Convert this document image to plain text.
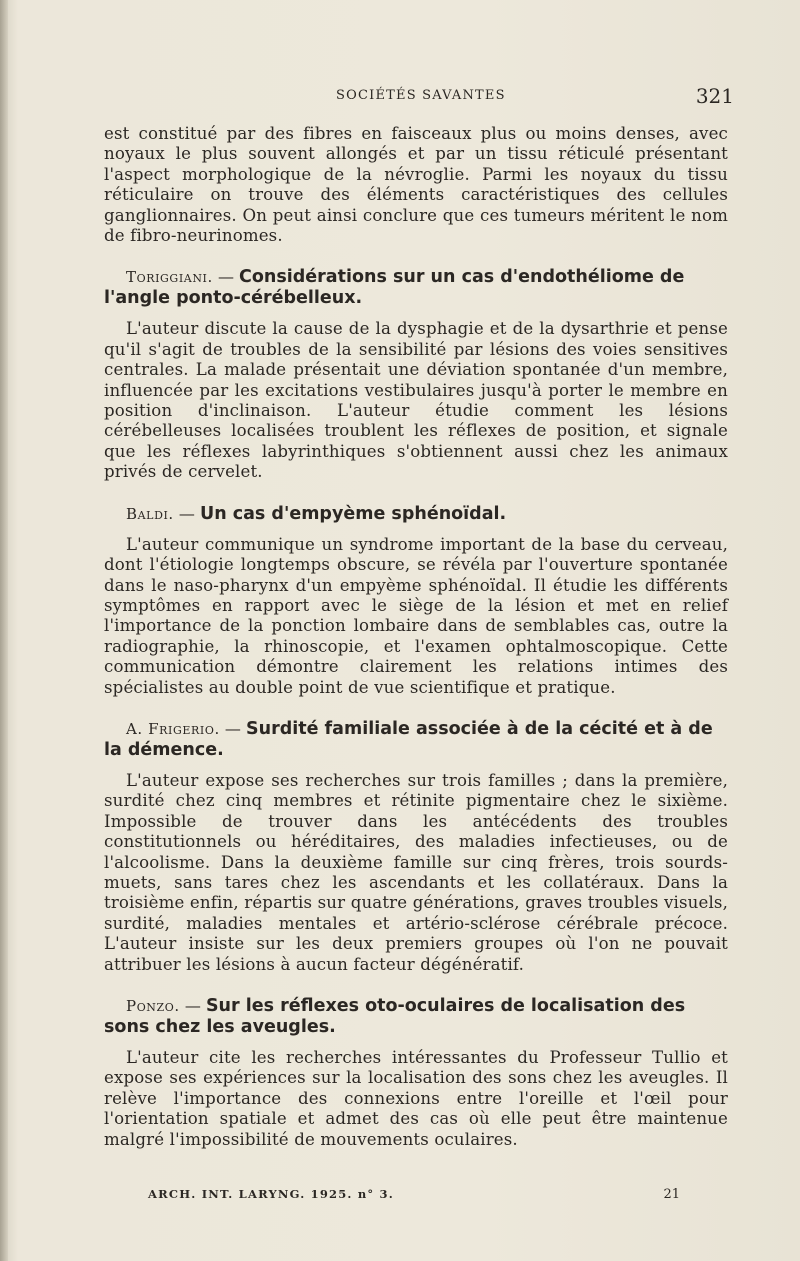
SOCIÉTÉS SAVANTES	321

est constitué par des fibres en faisceaux plus ou moins denses, avec noyaux le plus souvent allongés et par un tissu réticulé présentant l'aspect morphologique de la névroglie. Parmi les noyaux du tissu réticulaire on trouve des éléments caractéristiques des cellules ganglionnaires. On peut ainsi conclure que ces tumeurs méritent le nom de fibro-neurinomes.

Toriggiani. — Considérations sur un cas d'endothéliome de l'angle ponto-cérébelleux.

L'auteur discute la cause de la dysphagie et de la dysarthrie et pense qu'il s'agit de troubles de la sensibilité par lésions des voies sensitives centrales. La malade présentait une déviation spontanée d'un membre, influencée par les excitations vestibulaires jusqu'à porter le membre en position d'inclinaison. L'auteur étudie comment les lésions cérébelleuses localisées troublent les réflexes de position, et signale que les réflexes labyrinthiques s'obtiennent aussi chez les animaux privés de cervelet.

Baldi. — Un cas d'empyème sphénoïdal.

L'auteur communique un syndrome important de la base du cerveau, dont l'étiologie longtemps obscure, se révéla par l'ouverture spontanée dans le naso-pharynx d'un empyème sphénoïdal. Il étudie les différents symptômes en rapport avec le siège de la lésion et met en relief l'importance de la ponction lombaire dans de semblables cas, outre la radiographie, la rhinoscopie, et l'examen ophtalmoscopique. Cette communication démontre clairement les relations intimes des spécialistes au double point de vue scientifique et pratique.

A. Frigerio. — Surdité familiale associée à de la cécité et à de la démence.

L'auteur expose ses recherches sur trois familles ; dans la première, surdité chez cinq membres et rétinite pigmentaire chez le sixième. Impossible de trouver dans les antécédents des troubles constitutionnels ou héréditaires, des maladies infectieuses, ou de l'alcoolisme. Dans la deuxième famille sur cinq frères, trois sourds-muets, sans tares chez les ascendants et les collatéraux. Dans la troisième enfin, répartis sur quatre générations, graves troubles visuels, surdité, maladies mentales et artério-sclérose cérébrale précoce. L'auteur insiste sur les deux premiers groupes où l'on ne pouvait attribuer les lésions à aucun facteur dégénératif.

Ponzo. — Sur les réflexes oto-oculaires de localisation des sons chez les aveugles.

L'auteur cite les recherches intéressantes du Professeur Tullio et expose ses expériences sur la localisation des sons chez les aveugles. Il relève l'importance des connexions entre l'oreille et l'œil pour l'orientation spatiale et admet des cas où elle peut être maintenue malgré l'impossibilité de mouvements oculaires.

ARCH. INT. LARYNG. 1925. n° 3.	21
